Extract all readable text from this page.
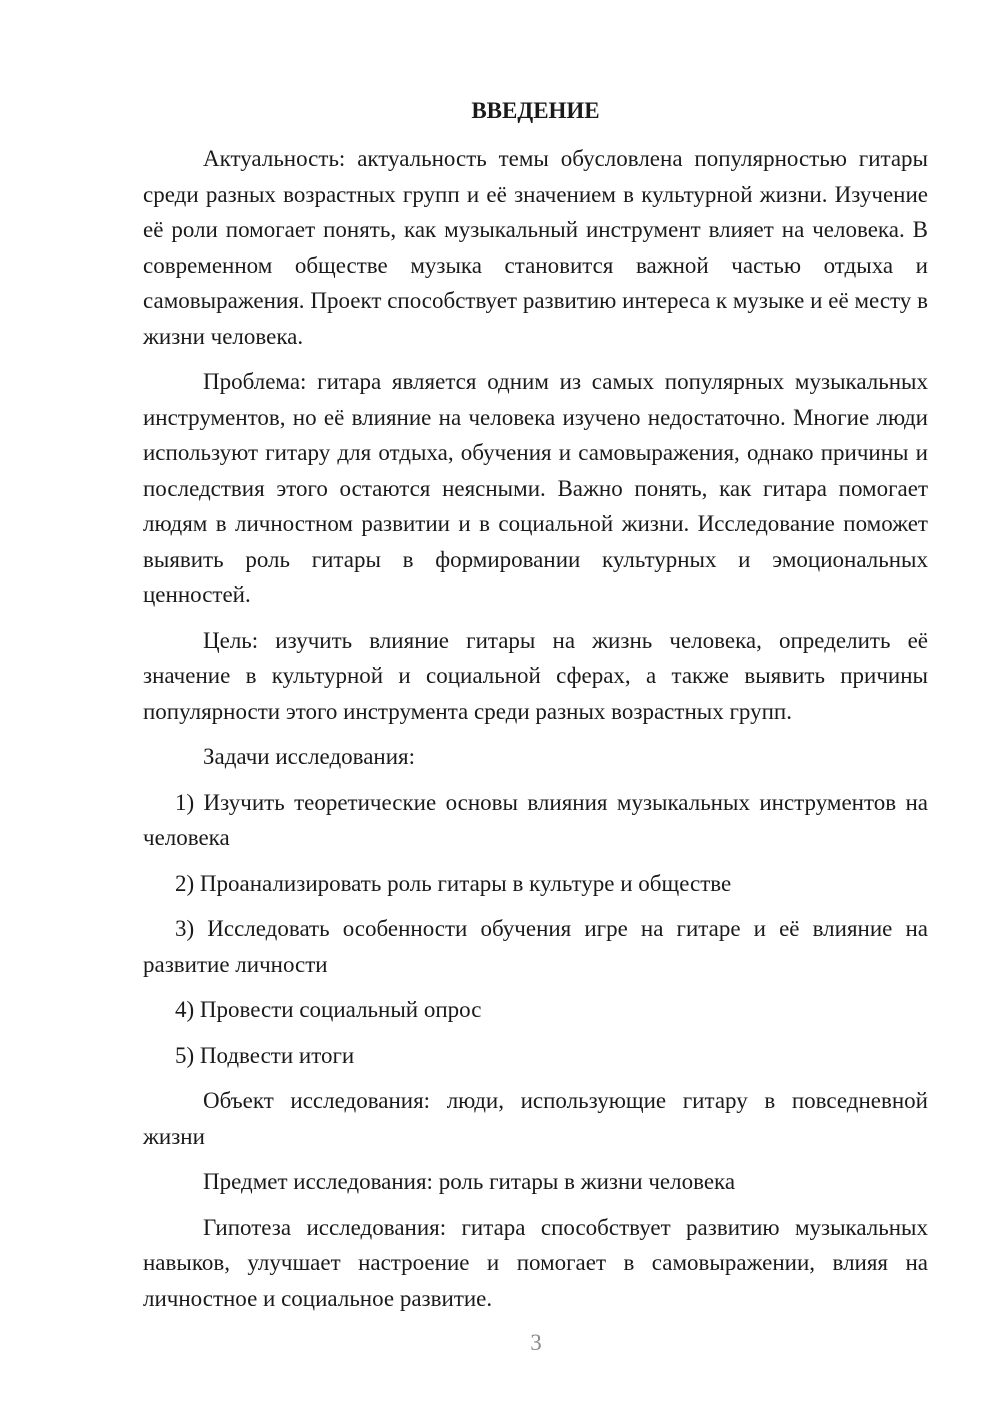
ВВЕДЕНИЕ

Актуальность: актуальность темы обусловлена популярностью гитары среди разных возрастных групп и её значением в культурной жизни. Изучение её роли помогает понять, как музыкальный инструмент влияет на человека. В современном обществе музыка становится важной частью отдыха и самовыражения. Проект способствует развитию интереса к музыке и её месту в жизни человека.

Проблема: гитара является одним из самых популярных музыкальных инструментов, но её влияние на человека изучено недостаточно. Многие люди используют гитару для отдыха, обучения и самовыражения, однако причины и последствия этого остаются неясными. Важно понять, как гитара помогает людям в личностном развитии и в социальной жизни. Исследование поможет выявить роль гитары в формировании культурных и эмоциональных ценностей.

Цель: изучить влияние гитары на жизнь человека, определить её значение в культурной и социальной сферах, а также выявить причины популярности этого инструмента среди разных возрастных групп.

Задачи исследования:

1) Изучить теоретические основы влияния музыкальных инструментов на человека

2) Проанализировать роль гитары в культуре и обществе

3) Исследовать особенности обучения игре на гитаре и её влияние на развитие личности

4) Провести социальный опрос

5) Подвести итоги

Объект исследования: люди, использующие гитару в повседневной жизни

Предмет исследования: роль гитары в жизни человека

Гипотеза исследования: гитара способствует развитию музыкальных навыков, улучшает настроение и помогает в самовыражении, влияя на личностное и социальное развитие.

3
